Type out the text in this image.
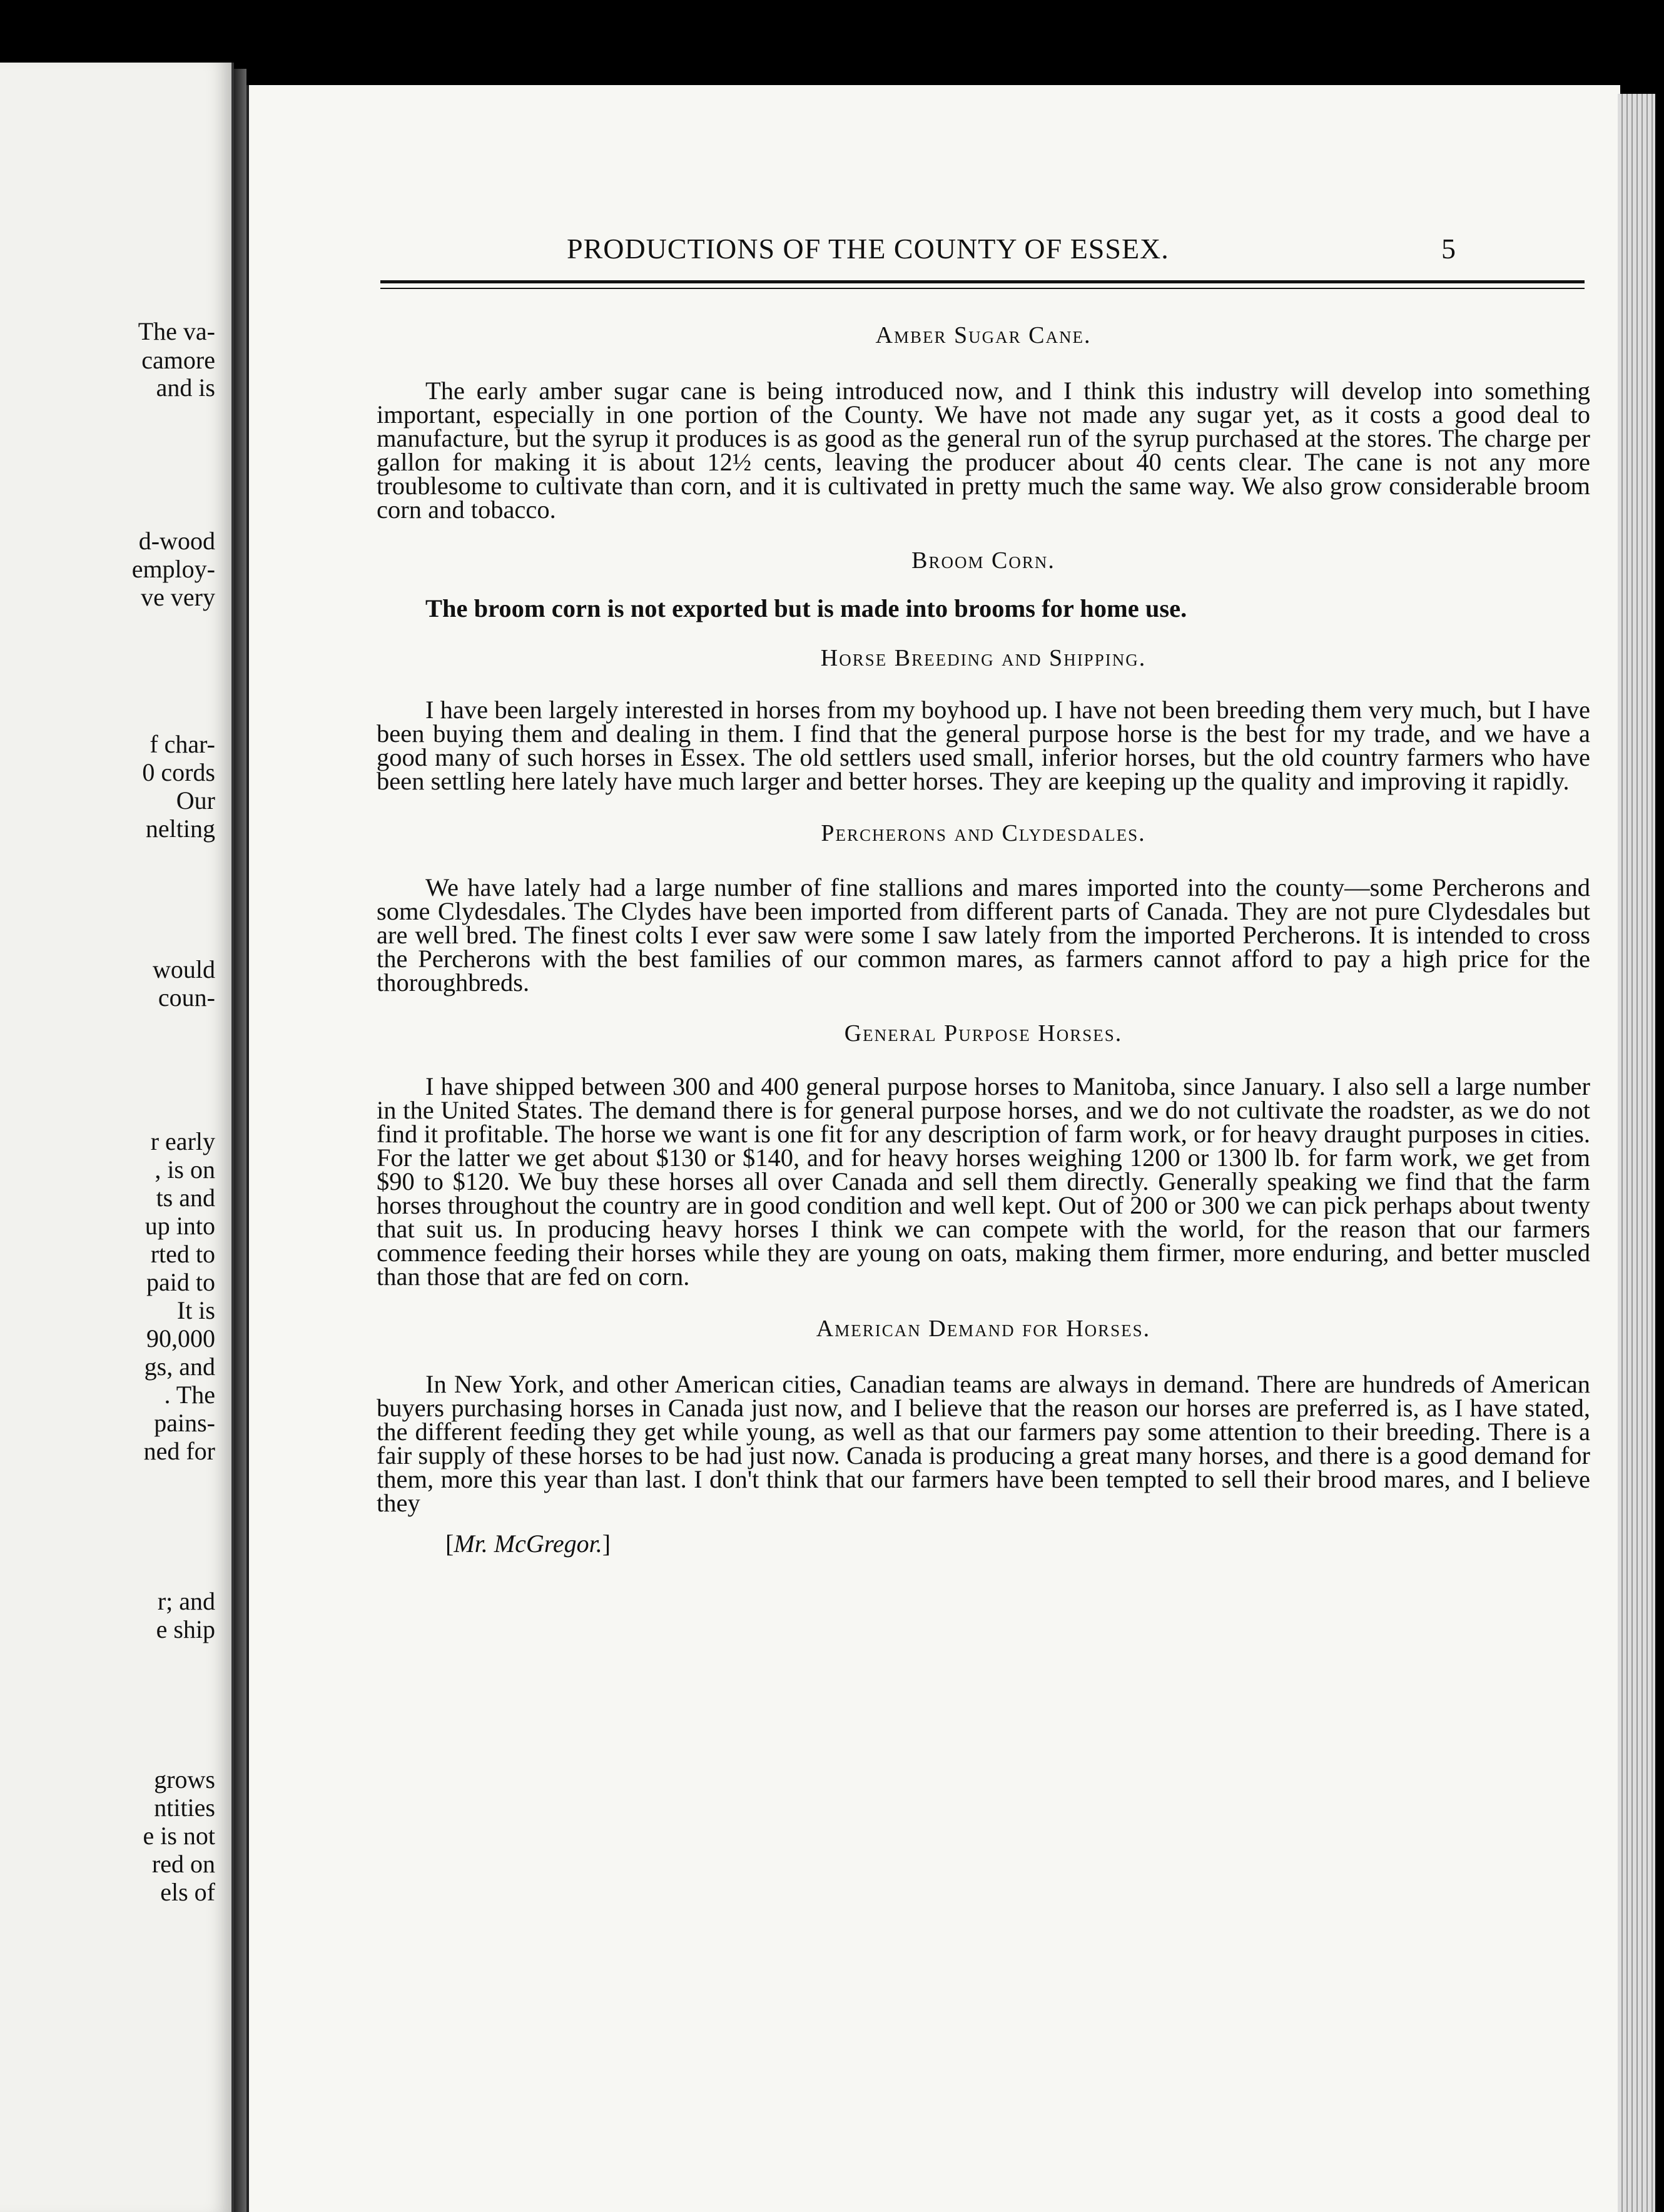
The va-
camore
and is
d-wood
employ-
ve very
f char-
0 cords
Our
nelting
would
coun-
r early
, is on
ts and
up into
rted to
paid to
It is
90,000
gs, and
. The
pains-
ned for
r; and
e ship
grows
ntities
e is not
red on
els of
PRODUCTIONS OF THE COUNTY OF ESSEX.	5
Amber Sugar Cane.

The early amber sugar cane is being introduced now, and I think this industry will develop into something important, especially in one portion of the County. We have not made any sugar yet, as it costs a good deal to manufacture, but the syrup it produces is as good as the general run of the syrup purchased at the stores. The charge per gallon for making it is about 12½ cents, leaving the producer about 40 cents clear. The cane is not any more troublesome to cultivate than corn, and it is cultivated in pretty much the same way. We also grow considerable broom corn and tobacco.

Broom Corn.

The broom corn is not exported but is made into brooms for home use.

Horse Breeding and Shipping.

I have been largely interested in horses from my boyhood up. I have not been breeding them very much, but I have been buying them and dealing in them. I find that the general purpose horse is the best for my trade, and we have a good many of such horses in Essex. The old settlers used small, inferior horses, but the old country farmers who have been settling here lately have much larger and better horses. They are keeping up the quality and improving it rapidly.

Percherons and Clydesdales.

We have lately had a large number of fine stallions and mares imported into the county—some Percherons and some Clydesdales. The Clydes have been imported from different parts of Canada. They are not pure Clydesdales but are well bred. The finest colts I ever saw were some I saw lately from the imported Percherons. It is intended to cross the Percherons with the best families of our common mares, as farmers cannot afford to pay a high price for the thoroughbreds.

General Purpose Horses.

I have shipped between 300 and 400 general purpose horses to Manitoba, since January. I also sell a large number in the United States. The demand there is for general purpose horses, and we do not cultivate the roadster, as we do not find it profitable. The horse we want is one fit for any description of farm work, or for heavy draught purposes in cities. For the latter we get about $130 or $140, and for heavy horses weighing 1200 or 1300 lb. for farm work, we get from $90 to $120. We buy these horses all over Canada and sell them directly. Generally speaking we find that the farm horses throughout the country are in good condition and well kept. Out of 200 or 300 we can pick perhaps about twenty that suit us. In producing heavy horses I think we can compete with the world, for the reason that our farmers commence feeding their horses while they are young on oats, making them firmer, more enduring, and better muscled than those that are fed on corn.

American Demand for Horses.

In New York, and other American cities, Canadian teams are always in demand. There are hundreds of American buyers purchasing horses in Canada just now, and I believe that the reason our horses are preferred is, as I have stated, the different feeding they get while young, as well as that our farmers pay some attention to their breeding. There is a fair supply of these horses to be had just now. Canada is producing a great many horses, and there is a good demand for them, more this year than last. I don't think that our farmers have been tempted to sell their brood mares, and I believe they

[Mr. McGregor.]
